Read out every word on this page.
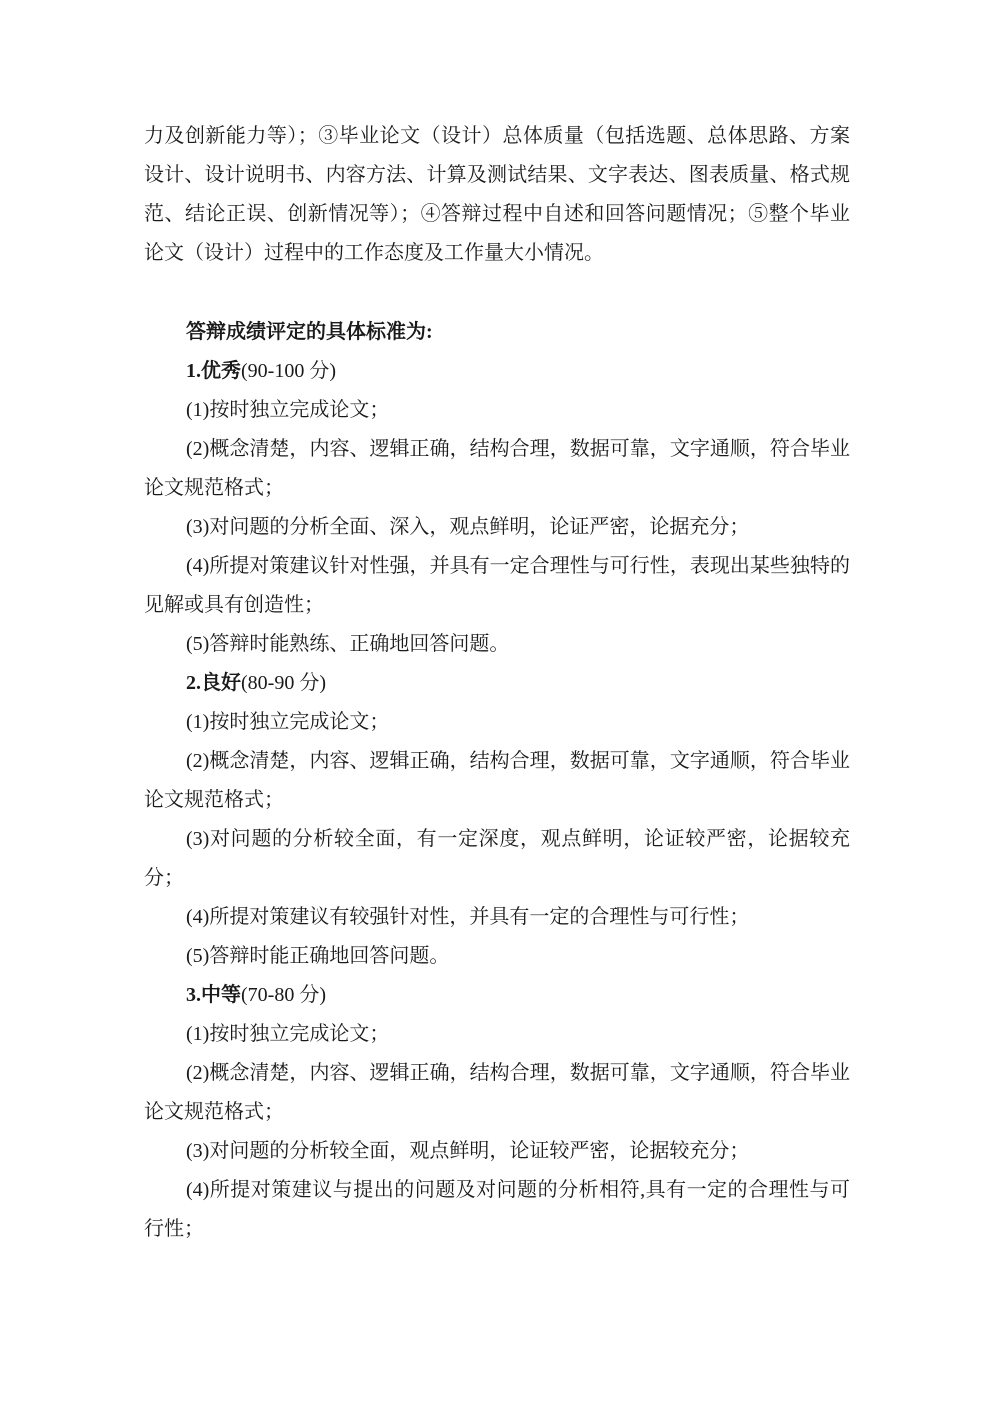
力及创新能力等）；③毕业论文（设计）总体质量（包括选题、总体思路、方案设计、设计说明书、内容方法、计算及测试结果、文字表达、图表质量、格式规范、结论正误、创新情况等）；④答辩过程中自述和回答问题情况；⑤整个毕业论文（设计）过程中的工作态度及工作量大小情况。

答辩成绩评定的具体标准为:

1.优秀(90-100 分)

(1)按时独立完成论文；

(2)概念清楚，内容、逻辑正确，结构合理，数据可靠，文字通顺，符合毕业论文规范格式；

(3)对问题的分析全面、深入，观点鲜明，论证严密，论据充分；

(4)所提对策建议针对性强，并具有一定合理性与可行性，表现出某些独特的见解或具有创造性；

(5)答辩时能熟练、正确地回答问题。

2.良好(80-90 分)

(1)按时独立完成论文；

(2)概念清楚，内容、逻辑正确，结构合理，数据可靠，文字通顺，符合毕业论文规范格式；

(3)对问题的分析较全面，有一定深度，观点鲜明，论证较严密，论据较充分；

(4)所提对策建议有较强针对性，并具有一定的合理性与可行性；

(5)答辩时能正确地回答问题。

3.中等(70-80 分)

(1)按时独立完成论文；

(2)概念清楚，内容、逻辑正确，结构合理，数据可靠，文字通顺，符合毕业论文规范格式；

(3)对问题的分析较全面，观点鲜明，论证较严密，论据较充分；

(4)所提对策建议与提出的问题及对问题的分析相符,具有一定的合理性与可行性；
